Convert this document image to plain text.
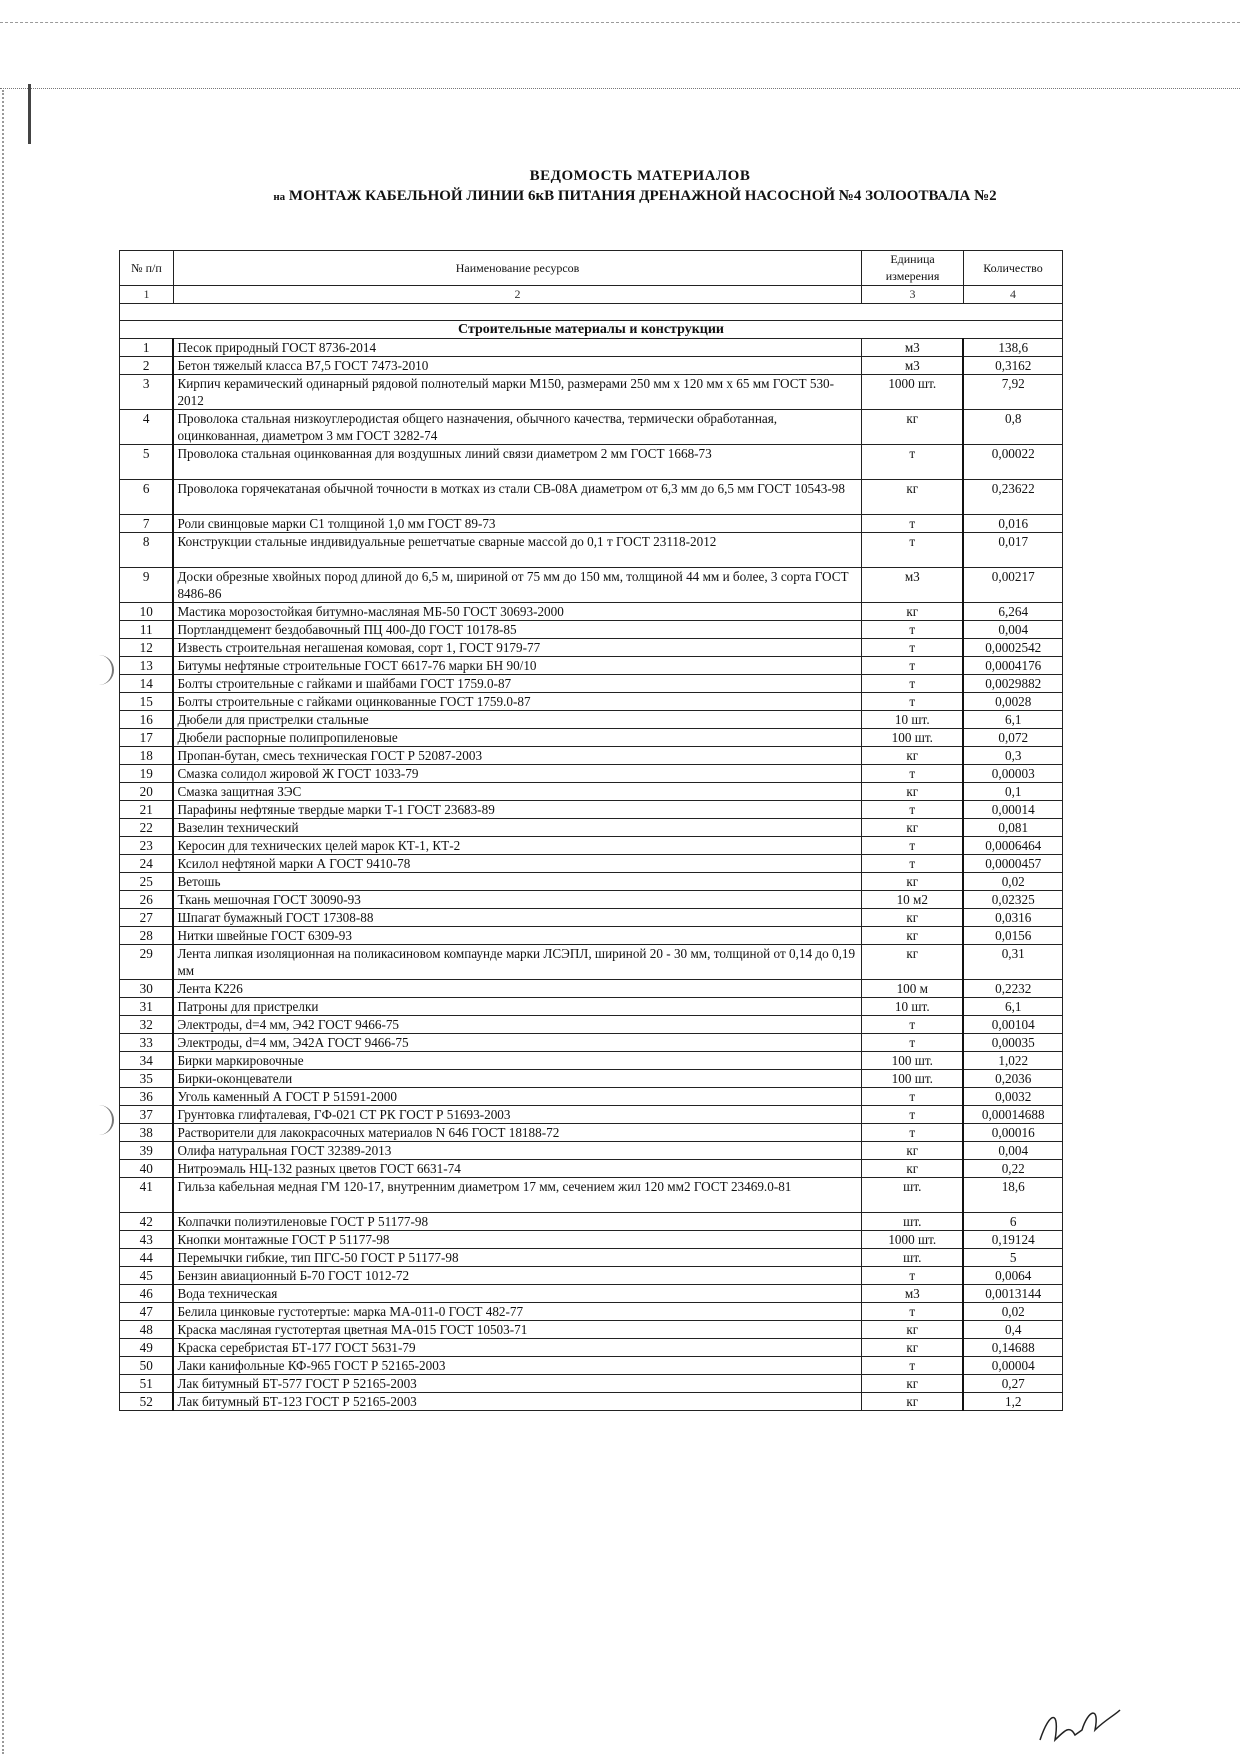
ВЕДОМОСТЬ МАТЕРИАЛОВ
на МОНТАЖ КАБЕЛЬНОЙ ЛИНИИ 6кВ ПИТАНИЯ ДРЕНАЖНОЙ НАСОСНОЙ №4 ЗОЛООТВАЛА №2
№ п/п	Наименование ресурсов	Единица измерения	Количество
1	2	3	4

Строительные материалы и конструкции			
1	Песок природный ГОСТ 8736-2014	м3	138,6
2	Бетон тяжелый класса В7,5 ГОСТ 7473-2010	м3	0,3162
3	Кирпич керамический одинарный рядовой полнотелый марки М150, размерами 250 мм х 120 мм х 65 мм ГОСТ 530-2012	1000 шт.	7,92
4	Проволока стальная низкоуглеродистая общего назначения, обычного качества, термически обработанная, оцинкованная, диаметром 3 мм ГОСТ 3282-74	кг	0,8
5	Проволока стальная оцинкованная для воздушных линий связи диаметром 2 мм ГОСТ 1668-73	т	0,00022
6	Проволока горячекатаная обычной точности в мотках из стали СВ-08А диаметром от 6,3 мм до 6,5 мм ГОСТ 10543-98	кг	0,23622
7	Роли свинцовые марки С1 толщиной 1,0 мм ГОСТ 89-73	т	0,016
8	Конструкции стальные индивидуальные решетчатые сварные массой до 0,1 т ГОСТ 23118-2012	т	0,017
9	Доски обрезные хвойных пород длиной до 6,5 м, шириной от 75 мм до 150 мм, толщиной 44 мм и более, 3 сорта ГОСТ 8486-86	м3	0,00217
10	Мастика морозостойкая битумно-масляная МБ-50 ГОСТ 30693-2000	кг	6,264
11	Портландцемент бездобавочный ПЦ 400-Д0 ГОСТ 10178-85	т	0,004
12	Известь строительная негашеная комовая, сорт 1, ГОСТ 9179-77	т	0,0002542
13	Битумы нефтяные строительные ГОСТ 6617-76 марки БН 90/10	т	0,0004176
14	Болты строительные с гайками и шайбами ГОСТ 1759.0-87	т	0,0029882
15	Болты строительные с гайками оцинкованные ГОСТ 1759.0-87	т	0,0028
16	Дюбели для пристрелки стальные	10 шт.	6,1
17	Дюбели распорные полипропиленовые	100 шт.	0,072
18	Пропан-бутан, смесь техническая ГОСТ Р 52087-2003	кг	0,3
19	Смазка солидол жировой Ж ГОСТ 1033-79	т	0,00003
20	Смазка защитная ЗЭС	кг	0,1
21	Парафины нефтяные твердые марки Т-1 ГОСТ 23683-89	т	0,00014
22	Вазелин технический	кг	0,081
23	Керосин для технических целей марок КТ-1, КТ-2	т	0,0006464
24	Ксилол нефтяной марки А ГОСТ 9410-78	т	0,0000457
25	Ветошь	кг	0,02
26	Ткань мешочная ГОСТ 30090-93	10 м2	0,02325
27	Шпагат бумажный ГОСТ 17308-88	кг	0,0316
28	Нитки швейные ГОСТ 6309-93	кг	0,0156
29	Лента липкая изоляционная на поликасиновом компаунде марки ЛСЭПЛ, шириной 20 - 30 мм, толщиной от 0,14 до 0,19 мм	кг	0,31
30	Лента К226	100 м	0,2232
31	Патроны для пристрелки	10 шт.	6,1
32	Электроды, d=4 мм, Э42 ГОСТ 9466-75	т	0,00104
33	Электроды, d=4 мм, Э42А ГОСТ 9466-75	т	0,00035
34	Бирки маркировочные	100 шт.	1,022
35	Бирки-оконцеватели	100 шт.	0,2036
36	Уголь каменный А ГОСТ Р 51591-2000	т	0,0032
37	Грунтовка глифталевая, ГФ-021 СТ РК ГОСТ Р 51693-2003	т	0,00014688
38	Растворители для лакокрасочных материалов N 646 ГОСТ 18188-72	т	0,00016
39	Олифа натуральная ГОСТ 32389-2013	кг	0,004
40	Нитроэмаль НЦ-132 разных цветов ГОСТ 6631-74	кг	0,22
41	Гильза кабельная медная ГМ 120-17, внутренним диаметром 17 мм, сечением жил 120 мм2 ГОСТ 23469.0-81	шт.	18,6
42	Колпачки полиэтиленовые ГОСТ Р 51177-98	шт.	6
43	Кнопки монтажные ГОСТ Р 51177-98	1000 шт.	0,19124
44	Перемычки гибкие, тип ПГС-50 ГОСТ Р 51177-98	шт.	5
45	Бензин авиационный Б-70 ГОСТ 1012-72	т	0,0064
46	Вода техническая	м3	0,0013144
47	Белила цинковые густотертые: марка МА-011-0 ГОСТ 482-77	т	0,02
48	Краска масляная густотертая цветная МА-015 ГОСТ 10503-71	кг	0,4
49	Краска серебристая БТ-177 ГОСТ 5631-79	кг	0,14688
50	Лаки канифольные КФ-965 ГОСТ Р 52165-2003	т	0,00004
51	Лак битумный БТ-577 ГОСТ Р 52165-2003	кг	0,27
52	Лак битумный БТ-123 ГОСТ Р 52165-2003	кг	1,2
